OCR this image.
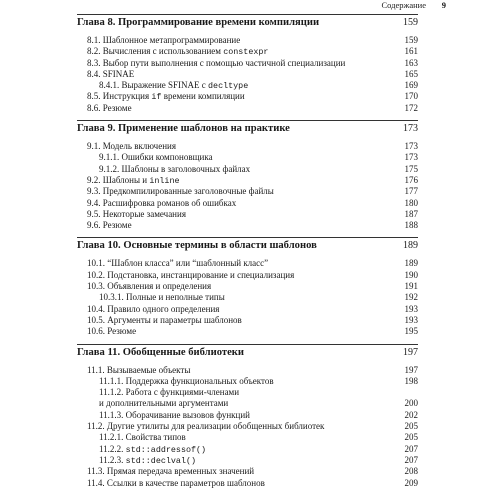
Содержание 9
Глава 8. Программирование времени компиляции	159
8.1. Шаблонное метапрограммирование	159
8.2. Вычисления с использованием constexpr	161
8.3. Выбор пути выполнения с помощью частичной специализации	163
8.4. SFINAE	165
8.4.1. Выражение SFINAE с decltype	169
8.5. Инструкция if времени компиляции	170
8.6. Резюме	172
Глава 9. Применение шаблонов на практике	173
9.1. Модель включения	173
9.1.1. Ошибки компоновщика	173
9.1.2. Шаблоны в заголовочных файлах	175
9.2. Шаблоны и inline	176
9.3. Предкомпилированные заголовочные файлы	177
9.4. Расшифровка романов об ошибках	180
9.5. Некоторые замечания	187
9.6. Резюме	188
Глава 10. Основные термины в области шаблонов	189
10.1. “Шаблон класса” или “шаблонный класс”	189
10.2. Подстановка, инстанцирование и специализация	190
10.3. Объявления и определения	191
10.3.1. Полные и неполные типы	192
10.4. Правило одного определения	193
10.5. Аргументы и параметры шаблонов	193
10.6. Резюме	195
Глава 11. Обобщенные библиотеки	197
11.1. Вызываемые объекты	197
11.1.1. Поддержка функциональных объектов	198
11.1.2. Работа с функциями-членами
и дополнительными аргументами	200
11.1.3. Оборачивание вызовов функций	202
11.2. Другие утилиты для реализации обобщенных библиотек	205
11.2.1. Свойства типов	205
11.2.2. std::addressof()	207
11.2.3. std::declval()	207
11.3. Прямая передача временных значений	208
11.4. Ссылки в качестве параметров шаблонов	209
